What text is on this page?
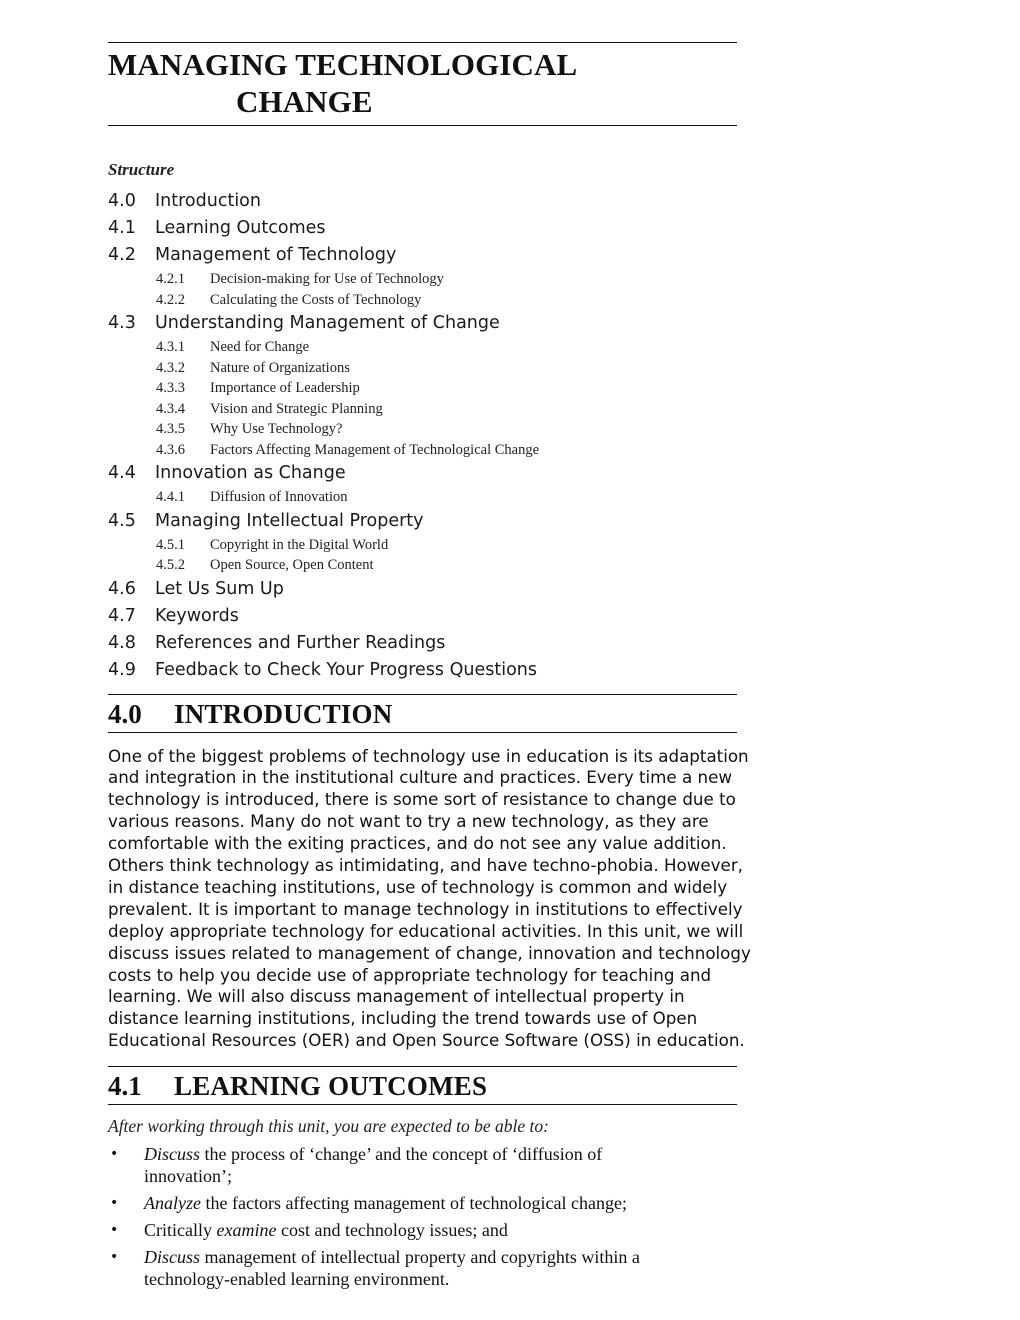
MANAGING TECHNOLOGICAL
CHANGE
Structure
4.0 Introduction
4.1 Learning Outcomes
4.2 Management of Technology
4.2.1 Decision-making for Use of Technology
4.2.2 Calculating the Costs of Technology
4.3 Understanding Management of Change
4.3.1 Need for Change
4.3.2 Nature of Organizations
4.3.3 Importance of Leadership
4.3.4 Vision and Strategic Planning
4.3.5 Why Use Technology?
4.3.6 Factors Affecting Management of Technological Change
4.4 Innovation as Change
4.4.1 Diffusion of Innovation
4.5 Managing Intellectual Property
4.5.1 Copyright in the Digital World
4.5.2 Open Source, Open Content
4.6 Let Us Sum Up
4.7 Keywords
4.8 References and Further Readings
4.9 Feedback to Check Your Progress Questions
4.0 INTRODUCTION
One of the biggest problems of technology use in education is its adaptation
and integration in the institutional culture and practices. Every time a new
technology is introduced, there is some sort of resistance to change due to
various reasons. Many do not want to try a new technology, as they are
comfortable with the exiting practices, and do not see any value addition.
Others think technology as intimidating, and have techno-phobia. However,
in distance teaching institutions, use of technology is common and widely
prevalent. It is important to manage technology in institutions to effectively
deploy appropriate technology for educational activities. In this unit, we will
discuss issues related to management of change, innovation and technology
costs to help you decide use of appropriate technology for teaching and
learning. We will also discuss management of intellectual property in
distance learning institutions, including the trend towards use of Open
Educational Resources (OER) and Open Source Software (OSS) in education.
4.1 LEARNING OUTCOMES
After working through this unit, you are expected to be able to:
• Discuss the process of ‘change’ and the concept of ‘diffusion of
innovation’;
• Analyze the factors affecting management of technological change;
• Critically examine cost and technology issues; and
• Discuss management of intellectual property and copyrights within a
technology-enabled learning environment.
